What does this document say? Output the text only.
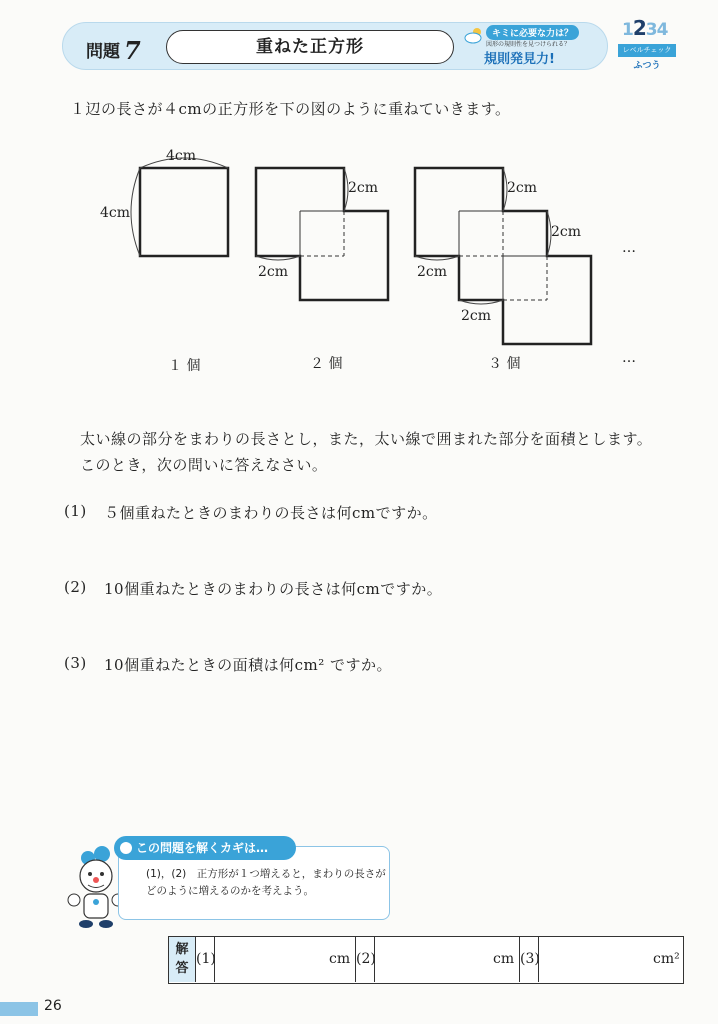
問題 7	重ねた正方形
キミに必要な力は？
図形の規則性を見つけられる？
規則発見力!
1234
レベルチェック
ふつう
１辺の長さが４cmの正方形を下の図のように重ねていきます。
4cm
4cm
2cm
2cm
2cm
2cm
2cm
2cm
…
…
１ 個	２ 個	３ 個
太い線の部分をまわりの長さとし，また，太い線で囲まれた部分を面積とします。
このとき，次の問いに答えなさい。
(1) ５個重ねたときのまわりの長さは何cmですか。
(2) 10個重ねたときのまわりの長さは何cmですか。
(3) 10個重ねたときの面積は何cm² ですか。
この問題を解くカギは…
(1)，(2)　正方形が１つ増えると，まわりの長さがどのように増えるのかを考えよう。
解
答
(1)	cm (2)	cm (3)	cm²
26
